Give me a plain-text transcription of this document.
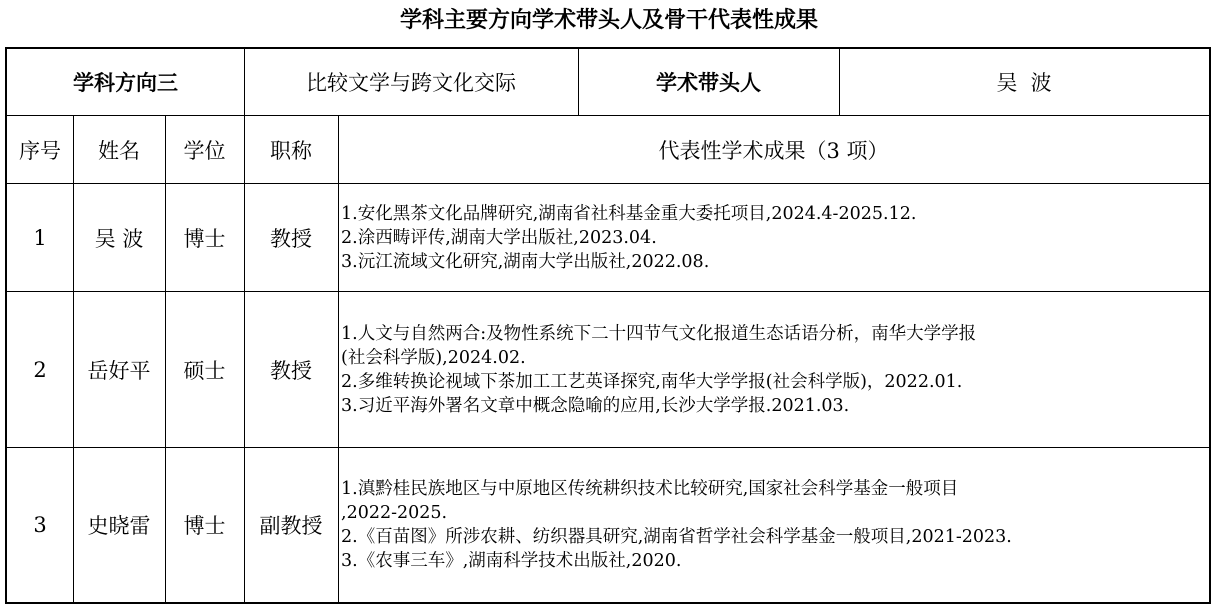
学科主要方向学术带头人及骨干代表性成果
学科方向三	比较文学与跨文化交际	学术带头人	吴  波
序号	姓名	学位	职称	代表性学术成果（3 项）
1	吴 波	博士	教授
1.安化黑茶文化品牌研究,湖南省社科基金重大委托项目,2024.4-2025.12.
2.涂西畴评传,湖南大学出版社,2023.04.
3.沅江流域文化研究,湖南大学出版社,2022.08.
2	岳好平	硕士	教授
1.人文与自然两合:及物性系统下二十四节气文化报道生态话语分析，南华大学学报
(社会科学版),2024.02.
2.多维转换论视域下茶加工工艺英译探究,南华大学学报(社会科学版)，2022.01.
3.习近平海外署名文章中概念隐喻的应用,长沙大学学报.2021.03.
3	史晓雷	博士	副教授
1.滇黔桂民族地区与中原地区传统耕织技术比较研究,国家社会科学基金一般项目
,2022-2025.
2.《百苗图》所涉农耕、纺织器具研究,湖南省哲学社会科学基金一般项目,2021-2023.
3.《农事三车》,湖南科学技术出版社,2020.
